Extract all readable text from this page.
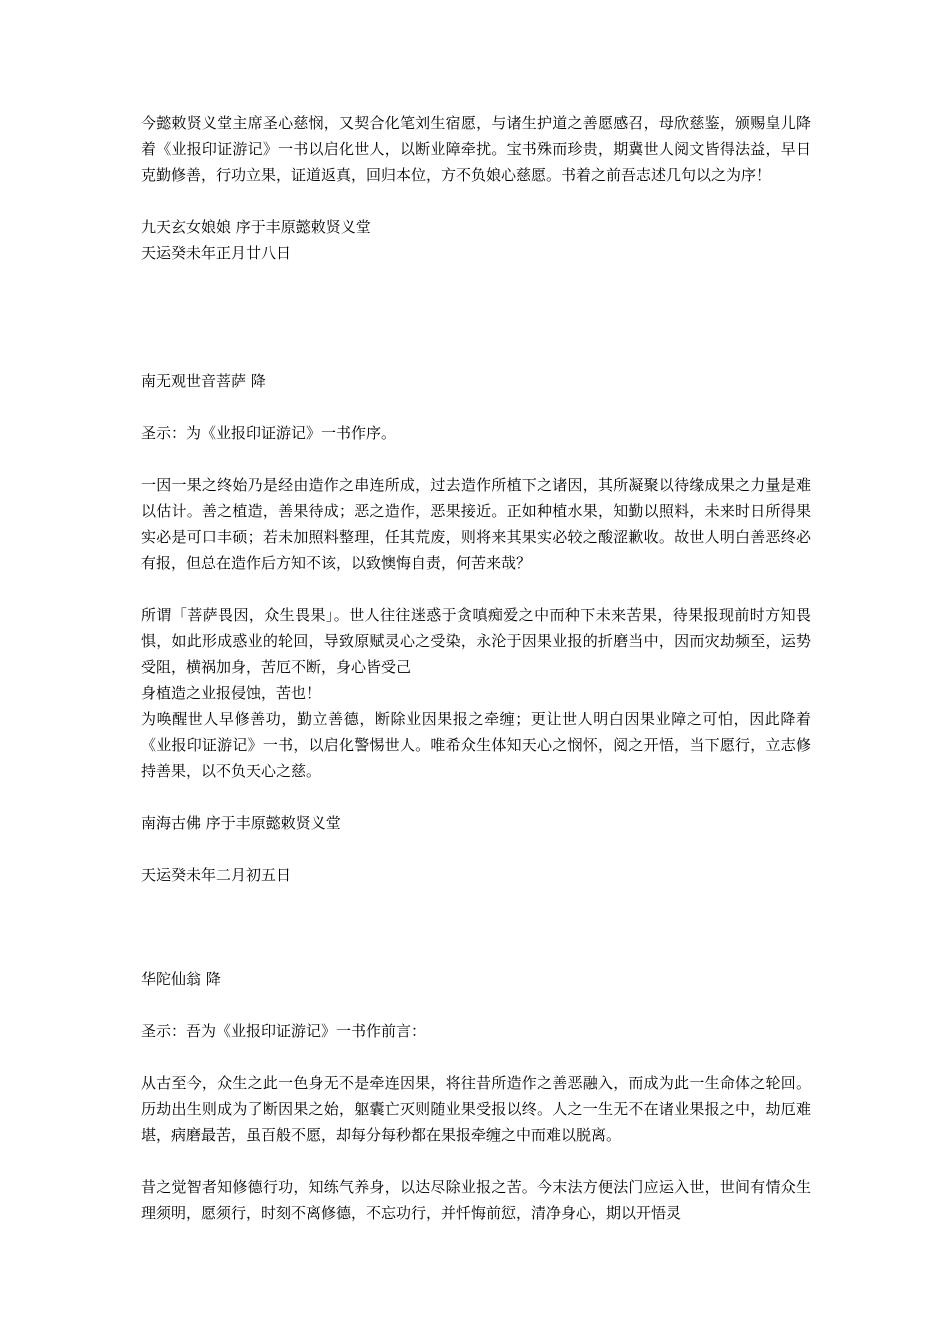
今懿敕贤义堂主席圣心慈悯，又契合化笔刘生宿愿，与诸生护道之善愿感召，母欣慈鉴，颁赐皇儿降着《业报印证游记》一书以启化世人，以断业障牵扰。宝书殊而珍贵，期冀世人阅文皆得法益，早日克勤修善，行功立果，证道返真，回归本位，方不负娘心慈愿。书着之前吾志述几句以之为序！

九天玄女娘娘 序于丰原懿敕贤义堂

天运癸未年正月廿八日

南无观世音菩萨 降

圣示：为《业报印证游记》一书作序。

一因一果之终始乃是经由造作之串连所成，过去造作所植下之诸因，其所凝聚以待缘成果之力量是难以估计。善之植造，善果待成；恶之造作，恶果接近。正如种植水果，知勤以照料，未来时日所得果实必是可口丰硕；若未加照料整理，任其荒废，则将来其果实必较之酸涩歉收。故世人明白善恶终必有报，但总在造作后方知不该，以致懊悔自责，何苦来哉？

所谓「菩萨畏因，众生畏果」。世人往往迷惑于贪嗔痴爱之中而种下未来苦果，待果报现前时方知畏惧，如此形成惑业的轮回，导致原赋灵心之受染，永沦于因果业报的折磨当中，因而灾劫频至，运势受阻，横祸加身，苦厄不断，身心皆受己

身植造之业报侵蚀，苦也！

为唤醒世人早修善功，勤立善德，断除业因果报之牵缠；更让世人明白因果业障之可怕，因此降着《业报印证游记》一书，以启化警惕世人。唯希众生体知天心之悯怀，阅之开悟，当下愿行，立志修持善果，以不负天心之慈。

南海古佛 序于丰原懿敕贤义堂

天运癸未年二月初五日

华陀仙翁 降

圣示：吾为《业报印证游记》一书作前言：

从古至今，众生之此一色身无不是牵连因果，将往昔所造作之善恶融入，而成为此一生命体之轮回。历劫出生则成为了断因果之始，躯囊亡灭则随业果受报以终。人之一生无不在诸业果报之中，劫厄难堪，病磨最苦，虽百般不愿，却每分每秒都在果报牵缠之中而难以脱离。

昔之觉智者知修德行功，知练气养身，以达尽除业报之苦。今末法方便法门应运入世，世间有情众生理须明，愿须行，时刻不离修德，不忘功行，并忏悔前愆，清净身心，期以开悟灵
